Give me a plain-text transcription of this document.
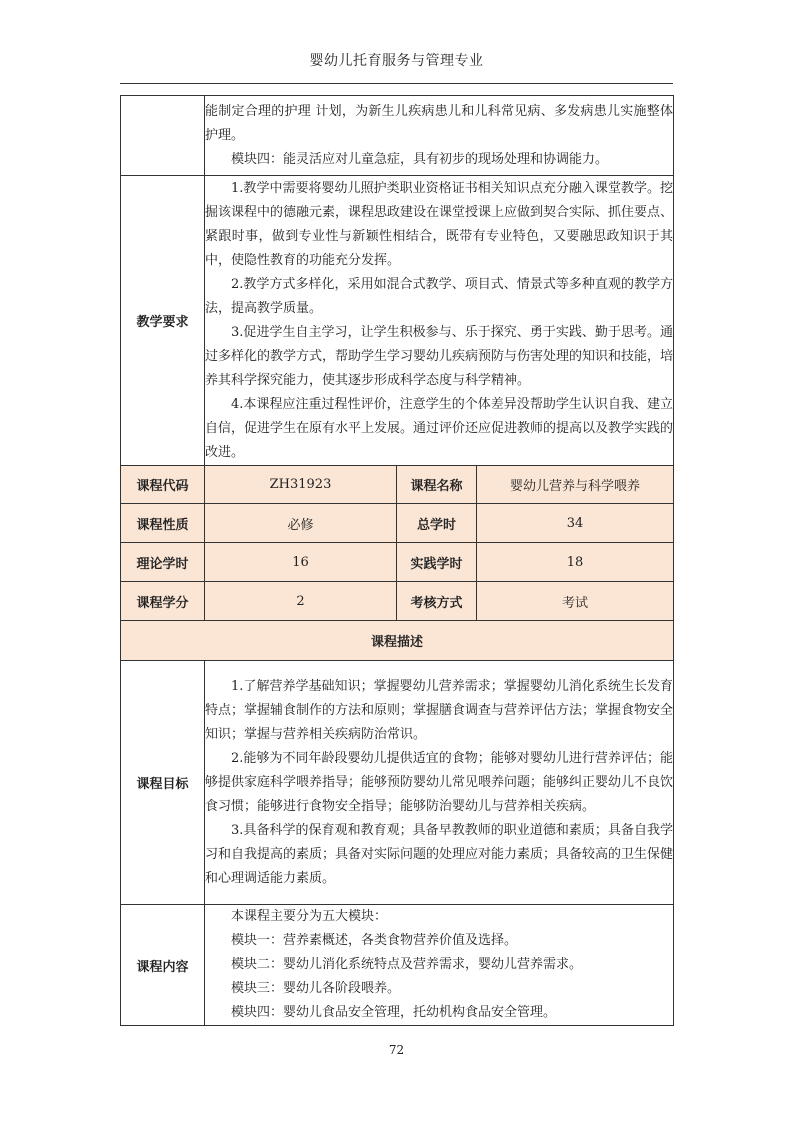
婴幼儿托育服务与管理专业

	能制定合理的护理 计划，为新生儿疾病患儿和儿科常见病、多发病患儿实施整体护理。

模块四：能灵活应对儿童急症，具有初步的现场处理和协调能力。		

教学要求	1.教学中需要将婴幼儿照护类职业资格证书相关知识点充分融入课堂教学。挖掘该课程中的德融元素，课程思政建设在课堂授课上应做到契合实际、抓住要点、紧跟时事，做到专业性与新颖性相结合，既带有专业特色，又要融思政知识于其中，使隐性教育的功能充分发挥。

2.教学方式多样化，采用如混合式教学、项目式、情景式等多种直观的教学方法，提高教学质量。

3.促进学生自主学习，让学生积极参与、乐于探究、勇于实践、勤于思考。通过多样化的教学方式，帮助学生学习婴幼儿疾病预防与伤害处理的知识和技能，培养其科学探究能力，使其逐步形成科学态度与科学精神。

4.本课程应注重过程性评价，注意学生的个体差异没帮助学生认识自我、建立自信，促进学生在原有水平上发展。通过评价还应促进教师的提高以及教学实践的改进。		

课程代码	ZH31923	课程名称	婴幼儿营养与科学喂养
课程性质	必修	总学时	34
理论学时	16	实践学时	18
课程学分	2	考核方式	考试
课程描述			
课程目标	1.了解营养学基础知识；掌握婴幼儿营养需求；掌握婴幼儿消化系统生长发育特点；掌握辅食制作的方法和原则；掌握膳食调查与营养评估方法；掌握食物安全知识；掌握与营养相关疾病防治常识。

2.能够为不同年龄段婴幼儿提供适宜的食物；能够对婴幼儿进行营养评估；能够提供家庭科学喂养指导；能够预防婴幼儿常见喂养问题；能够纠正婴幼儿不良饮食习惯；能够进行食物安全指导；能够防治婴幼儿与营养相关疾病。

3.具备科学的保育观和教育观；具备早教教师的职业道德和素质；具备自我学习和自我提高的素质；具备对实际问题的处理应对能力素质；具备较高的卫生保健和心理调适能力素质。		

课程内容	本课程主要分为五大模块：

模块一：营养素概述，各类食物营养价值及选择。

模块二：婴幼儿消化系统特点及营养需求，婴幼儿营养需求。

模块三：婴幼儿各阶段喂养。

模块四：婴幼儿食品安全管理，托幼机构食品安全管理。		

72
